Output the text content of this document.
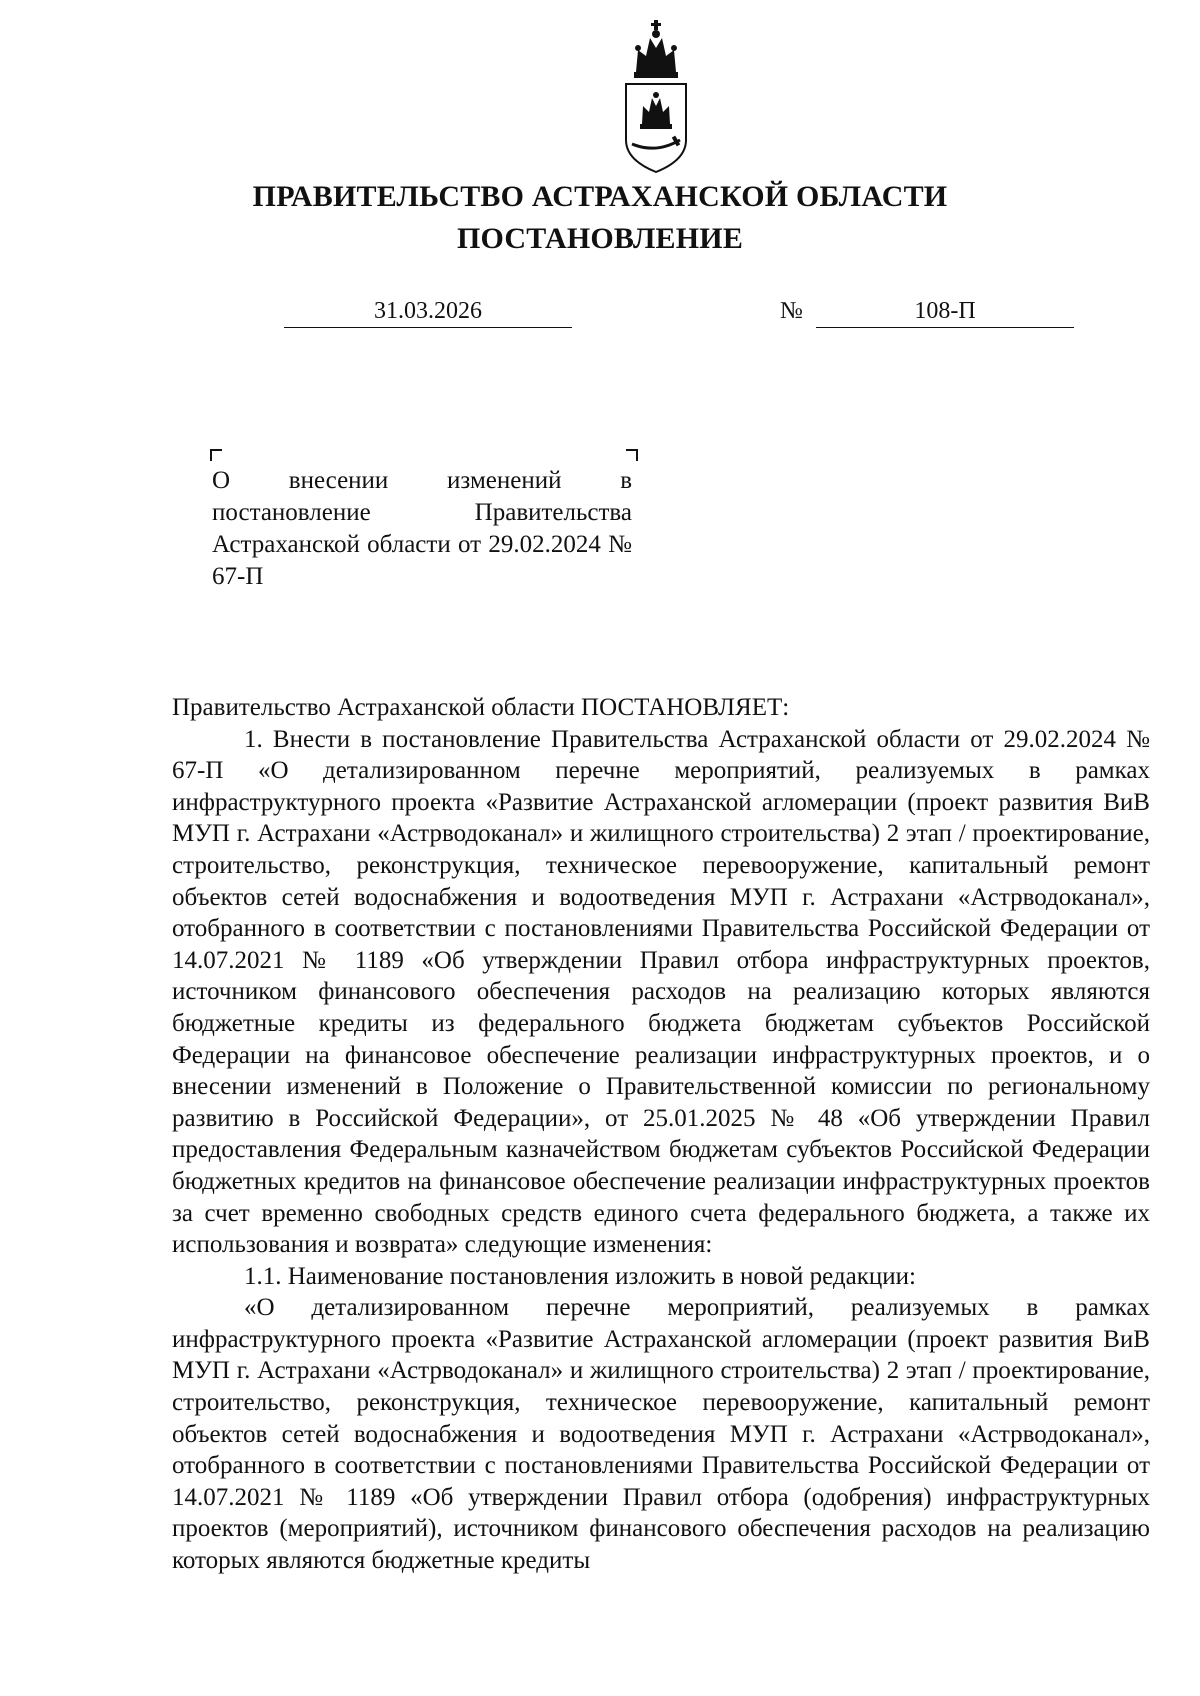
ПРАВИТЕЛЬСТВО АСТРАХАНСКОЙ ОБЛАСТИ
ПОСТАНОВЛЕНИЕ
31.03.2026	№	108-П
О внесении изменений в постановление Правительства Астраханской области от 29.02.2024 № 67-П

Правительство Астраханской области ПОСТАНОВЛЯЕТ:

1. Внести в постановление Правительства Астраханской области от 29.02.2024 № 67-П «О детализированном перечне мероприятий, реализуемых в рамках инфраструктурного проекта «Развитие Астраханской агломерации (проект развития ВиВ МУП г. Астрахани «Астрводоканал» и жилищного строительства) 2 этап / проектирование, строительство, реконструкция, техническое перевооружение, капитальный ремонт объектов сетей водоснабжения и водоотведения МУП г. Астрахани «Астрводоканал», отобранного в соответствии с постановлениями Правительства Российской Федерации от 14.07.2021 № 1189 «Об утверждении Правил отбора инфраструктурных проектов, источником финансового обеспечения расходов на реализацию которых являются бюджетные кредиты из федерального бюджета бюджетам субъектов Российской Федерации на финансовое обеспечение реализации инфраструктурных проектов, и о внесении изменений в Положение о Правительственной комиссии по региональному развитию в Российской Федерации», от 25.01.2025 № 48 «Об утверждении Правил предоставления Федеральным казначейством бюджетам субъектов Российской Федерации бюджетных кредитов на финансовое обеспечение реализации инфраструктурных проектов за счет временно свободных средств единого счета федерального бюджета, а также их использования и возврата» следующие изменения:

1.1. Наименование постановления изложить в новой редакции:

«О детализированном перечне мероприятий, реализуемых в рамках инфраструктурного проекта «Развитие Астраханской агломерации (проект развития ВиВ МУП г. Астрахани «Астрводоканал» и жилищного строительства) 2 этап / проектирование, строительство, реконструкция, техническое перевооружение, капитальный ремонт объектов сетей водоснабжения и водоотведения МУП г. Астрахани «Астрводоканал», отобранного в соответствии с постановлениями Правительства Российской Федерации от 14.07.2021 № 1189 «Об утверждении Правил отбора (одобрения) инфраструктурных проектов (мероприятий), источником финансового обеспечения расходов на реализацию которых являются бюджетные кредиты
